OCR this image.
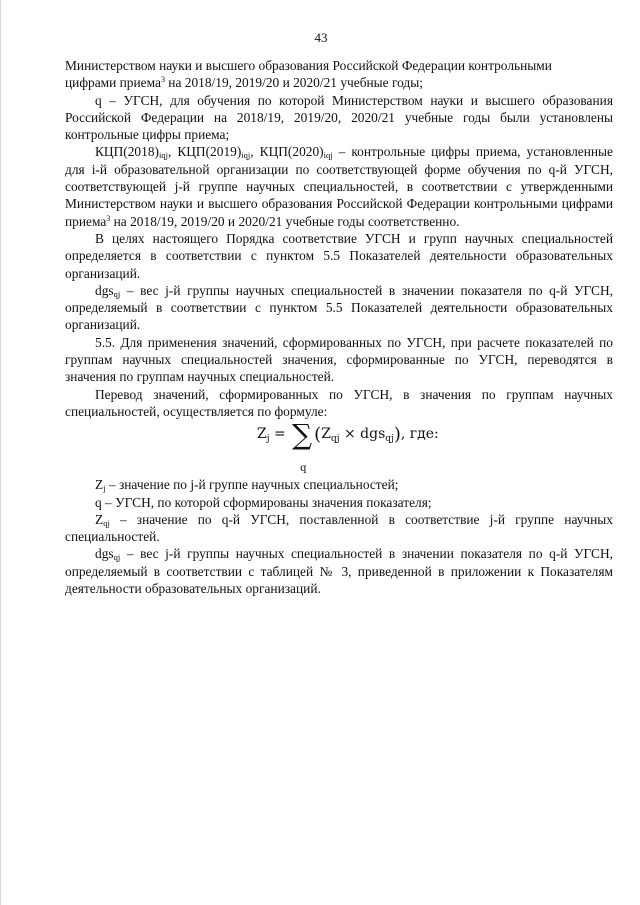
43

Министерством науки и высшего образования Российской Федерации контрольными
цифрами приема$^3$ на 2018/19, 2019/20 и 2020/21 учебные годы;

q – УГСН, для обучения по которой Министерством науки и высшего образования Российской Федерации на 2018/19, 2019/20, 2020/21 учебные годы были установлены контрольные цифры приема;

$КЦП(2018)_{iqj}$, $КЦП(2019)_{iqj}$, $КЦП(2020)_{iqj}$ – контрольные цифры приема, установленные для i-й образовательной организации по соответствующей форме обучения по q-й УГСН, соответствующей j-й группе научных специальностей, в соответствии с утвержденными Министерством науки и высшего образования Российской Федерации контрольными цифрами приема$^3$ на 2018/19, 2019/20 и 2020/21 учебные годы соответственно.

В целях настоящего Порядка соответствие УГСН и групп научных специальностей определяется в соответствии с пунктом 5.5 Показателей деятельности образовательных организаций.

dgs$_{qj}$ – вес j-й группы научных специальностей в значении показателя по q-й УГСН, определяемый в соответствии с пунктом 5.5 Показателей деятельности образовательных организаций.

5.5. Для применения значений, сформированных по УГСН, при расчете показателей по группам научных специальностей значения, сформированные по УГСН, переводятся в значения по группам научных специальностей.

Перевод значений, сформированных по УГСН, в значения по группам научных специальностей, осуществляется по формуле:

$Z_j$ = ∑
q
$(Z_{qj} \times dgs_{qj})$, где:

$Z_j$ – значение по j-й группе научных специальностей;

q – УГСН, по которой сформированы значения показателя;

$Z_{qj}$ – значение по q-й УГСН, поставленной в соответствие j-й группе научных специальностей.

dgs$_{qj}$ – вес j-й группы научных специальностей в значении показателя по q-й УГСН, определяемый в соответствии с таблицей № 3, приведенной в приложении к Показателям деятельности образовательных организаций.
